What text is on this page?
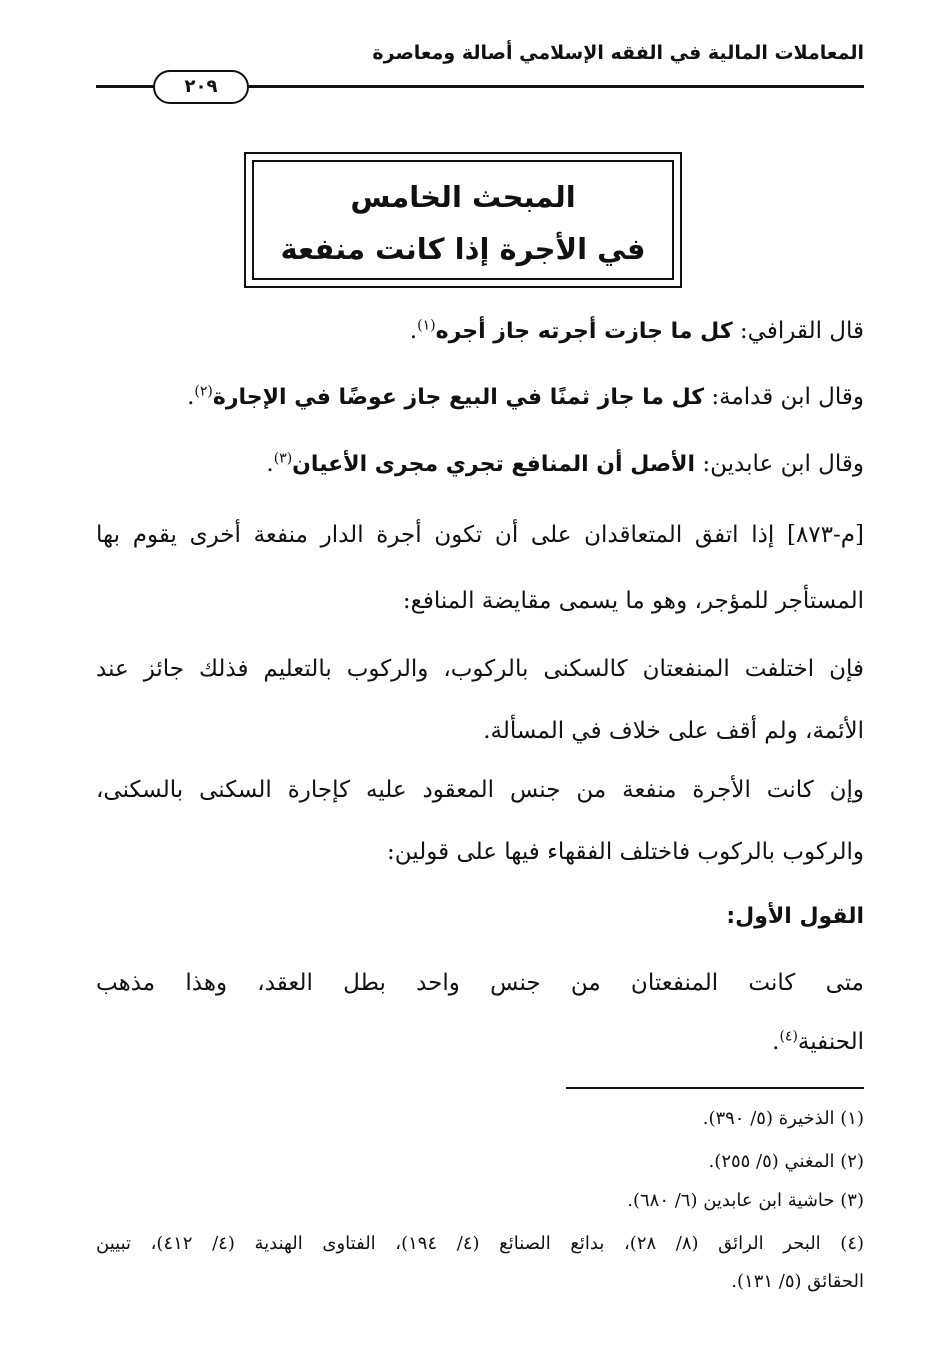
المعاملات المالية في الفقه الإسلامي أصالة ومعاصرة
٢٠٩
المبحث الخامس
في الأجرة إذا كانت منفعة
قال القرافي: كل ما جازت أجرته جاز أجره$^{(١)}$.
وقال ابن قدامة: كل ما جاز ثمنًا في البيع جاز عوضًا في الإجارة$^{(٢)}$.
وقال ابن عابدين: الأصل أن المنافع تجري مجرى الأعيان$^{(٣)}$.
[م-٨٧٣] إذا اتفق المتعاقدان على أن تكون أجرة الدار منفعة أخرى يقوم بها
المستأجر للمؤجر، وهو ما يسمى مقايضة المنافع:
فإن اختلفت المنفعتان كالسكنى بالركوب، والركوب بالتعليم فذلك جائز عند
الأئمة، ولم أقف على خلاف في المسألة.
وإن كانت الأجرة منفعة من جنس المعقود عليه كإجارة السكنى بالسكنى،
والركوب بالركوب فاختلف الفقهاء فيها على قولين:
القول الأول:
متى كانت المنفعتان من جنس واحد بطل العقد، وهذا مذهب
الحنفية$^{(٤)}$.
(١) الذخيرة (٥/ ٣٩٠).
(٢) المغني (٥/ ٢٥٥).
(٣) حاشية ابن عابدين (٦/ ٦٨٠).
(٤) البحر الرائق (٨/ ٢٨)، بدائع الصنائع (٤/ ١٩٤)، الفتاوى الهندية (٤/ ٤١٢)، تبيين
الحقائق (٥/ ١٣١).
